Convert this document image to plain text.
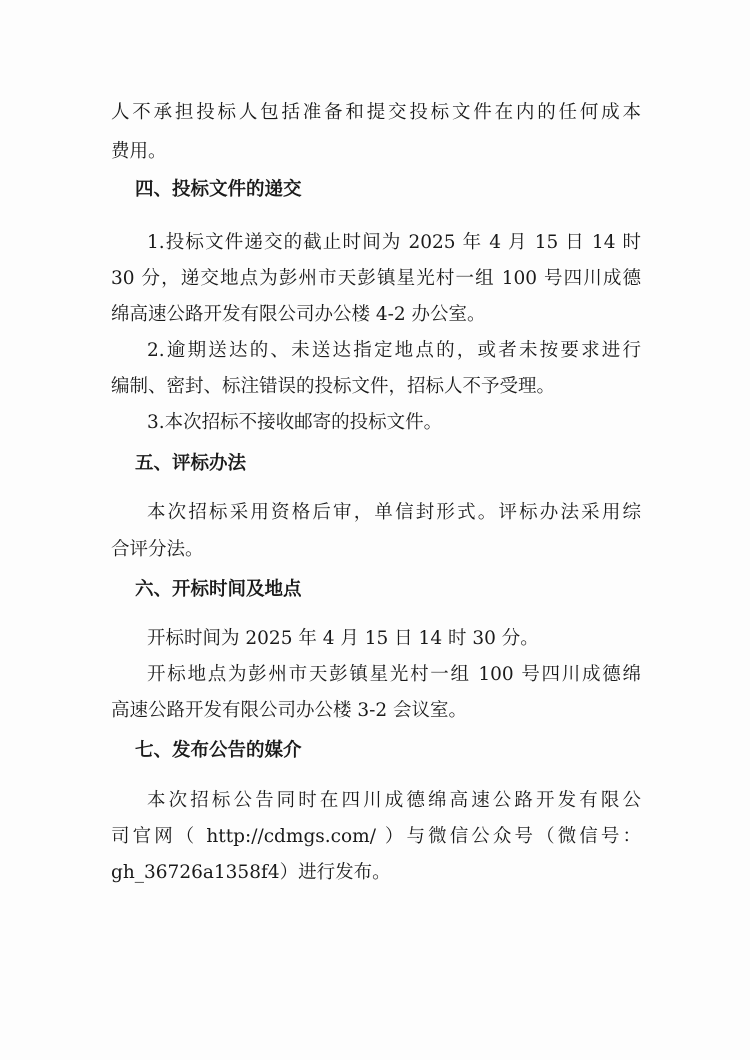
人不承担投标人包括准备和提交投标文件在内的任何成本
费用。
四、投标文件的递交
1.投标文件递交的截止时间为 2025 年 4 月 15 日 14 时
30 分，递交地点为彭州市天彭镇星光村一组 100 号四川成德
绵高速公路开发有限公司办公楼 4-2 办公室。
2.逾期送达的、未送达指定地点的，或者未按要求进行
编制、密封、标注错误的投标文件，招标人不予受理。
3.本次招标不接收邮寄的投标文件。
五、评标办法
本次招标采用资格后审，单信封形式。评标办法采用综
合评分法。
六、开标时间及地点
开标时间为 2025 年 4 月 15 日 14 时 30 分。
开标地点为彭州市天彭镇星光村一组 100 号四川成德绵
高速公路开发有限公司办公楼 3-2 会议室。
七、发布公告的媒介
本次招标公告同时在四川成德绵高速公路开发有限公
司官网（ http://cdmgs.com/ ）与微信公众号（微信号：
gh_36726a1358f4）进行发布。
